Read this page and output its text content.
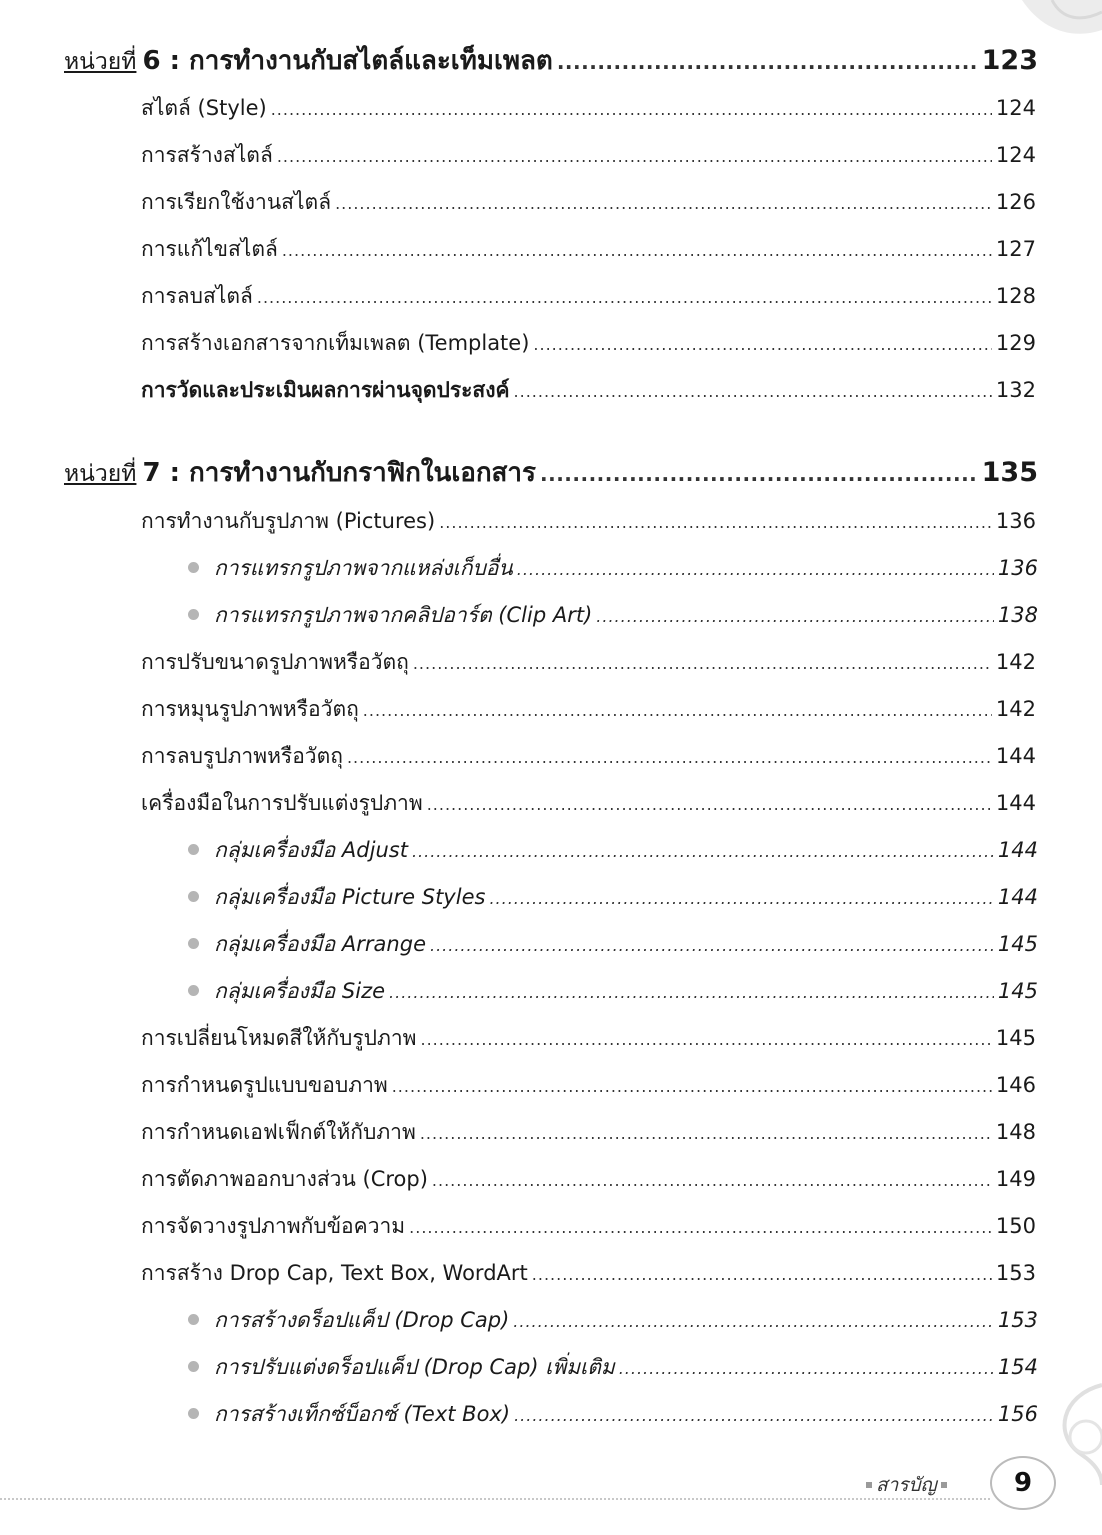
หน่วยที่ 6 : การทำงานกับสไตล์และเท็มเพลต .....	123
สไตล์ (Style) .....	124
การสร้างสไตล์ .....	124
การเรียกใช้งานสไตล์ .....	126
การแก้ไขสไตล์ .....	127
การลบสไตล์ .....	128
การสร้างเอกสารจากเท็มเพลต (Template) .....	129
การวัดและประเมินผลการผ่านจุดประสงค์ .....	132
หน่วยที่ 7 : การทำงานกับกราฟิกในเอกสาร .....	135
การทำงานกับรูปภาพ (Pictures) .....	136
การแทรกรูปภาพจากแหล่งเก็บอื่น .....	136
การแทรกรูปภาพจากคลิปอาร์ต (Clip Art) .....	138
การปรับขนาดรูปภาพหรือวัตถุ .....	142
การหมุนรูปภาพหรือวัตถุ .....	142
การลบรูปภาพหรือวัตถุ .....	144
เครื่องมือในการปรับแต่งรูปภาพ .....	144
กลุ่มเครื่องมือ Adjust .....	144
กลุ่มเครื่องมือ Picture Styles .....	144
กลุ่มเครื่องมือ Arrange .....	145
กลุ่มเครื่องมือ Size .....	145
การเปลี่ยนโหมดสีให้กับรูปภาพ .....	145
การกำหนดรูปแบบขอบภาพ .....	146
การกำหนดเอฟเฟ็กต์ให้กับภาพ .....	148
การตัดภาพออกบางส่วน (Crop) .....	149
การจัดวางรูปภาพกับข้อความ .....	150
การสร้าง Drop Cap, Text Box, WordArt .....	153
การสร้างดร็อปแค็ป (Drop Cap) .....	153
การปรับแต่งดร็อปแค็ป (Drop Cap) เพิ่มเติม .....	154
การสร้างเท็กซ์บ็อกซ์ (Text Box) .....	156
สารบัญ	9
